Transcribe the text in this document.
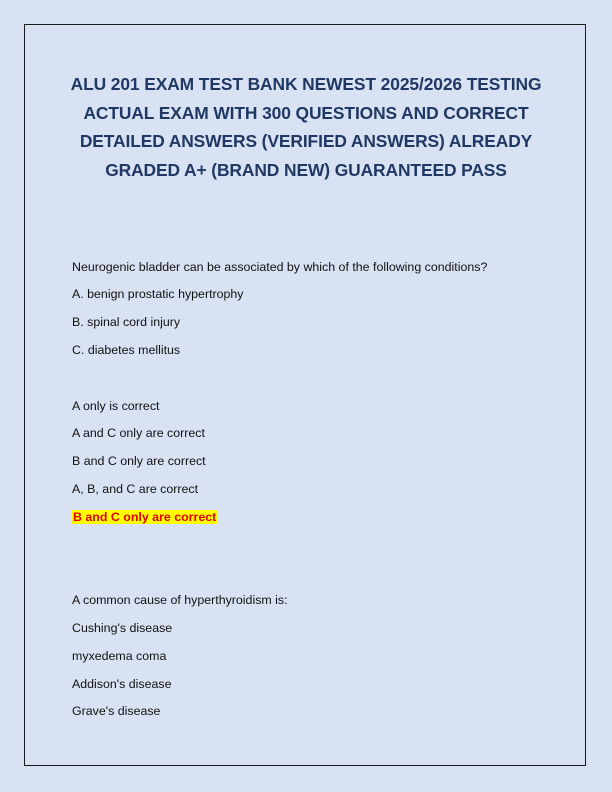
ALU 201 EXAM TEST BANK NEWEST 2025/2026 TESTING
ACTUAL EXAM WITH 300 QUESTIONS AND CORRECT
DETAILED ANSWERS (VERIFIED ANSWERS) ALREADY
GRADED A+ (BRAND NEW) GUARANTEED PASS
Neurogenic bladder can be associated by which of the following conditions?
A. benign prostatic hypertrophy
B. spinal cord injury
C. diabetes mellitus
A only is correct
A and C only are correct
B and C only are correct
A, B, and C are correct
B and C only are correct
A common cause of hyperthyroidism is:
Cushing's disease
myxedema coma
Addison's disease
Grave's disease
